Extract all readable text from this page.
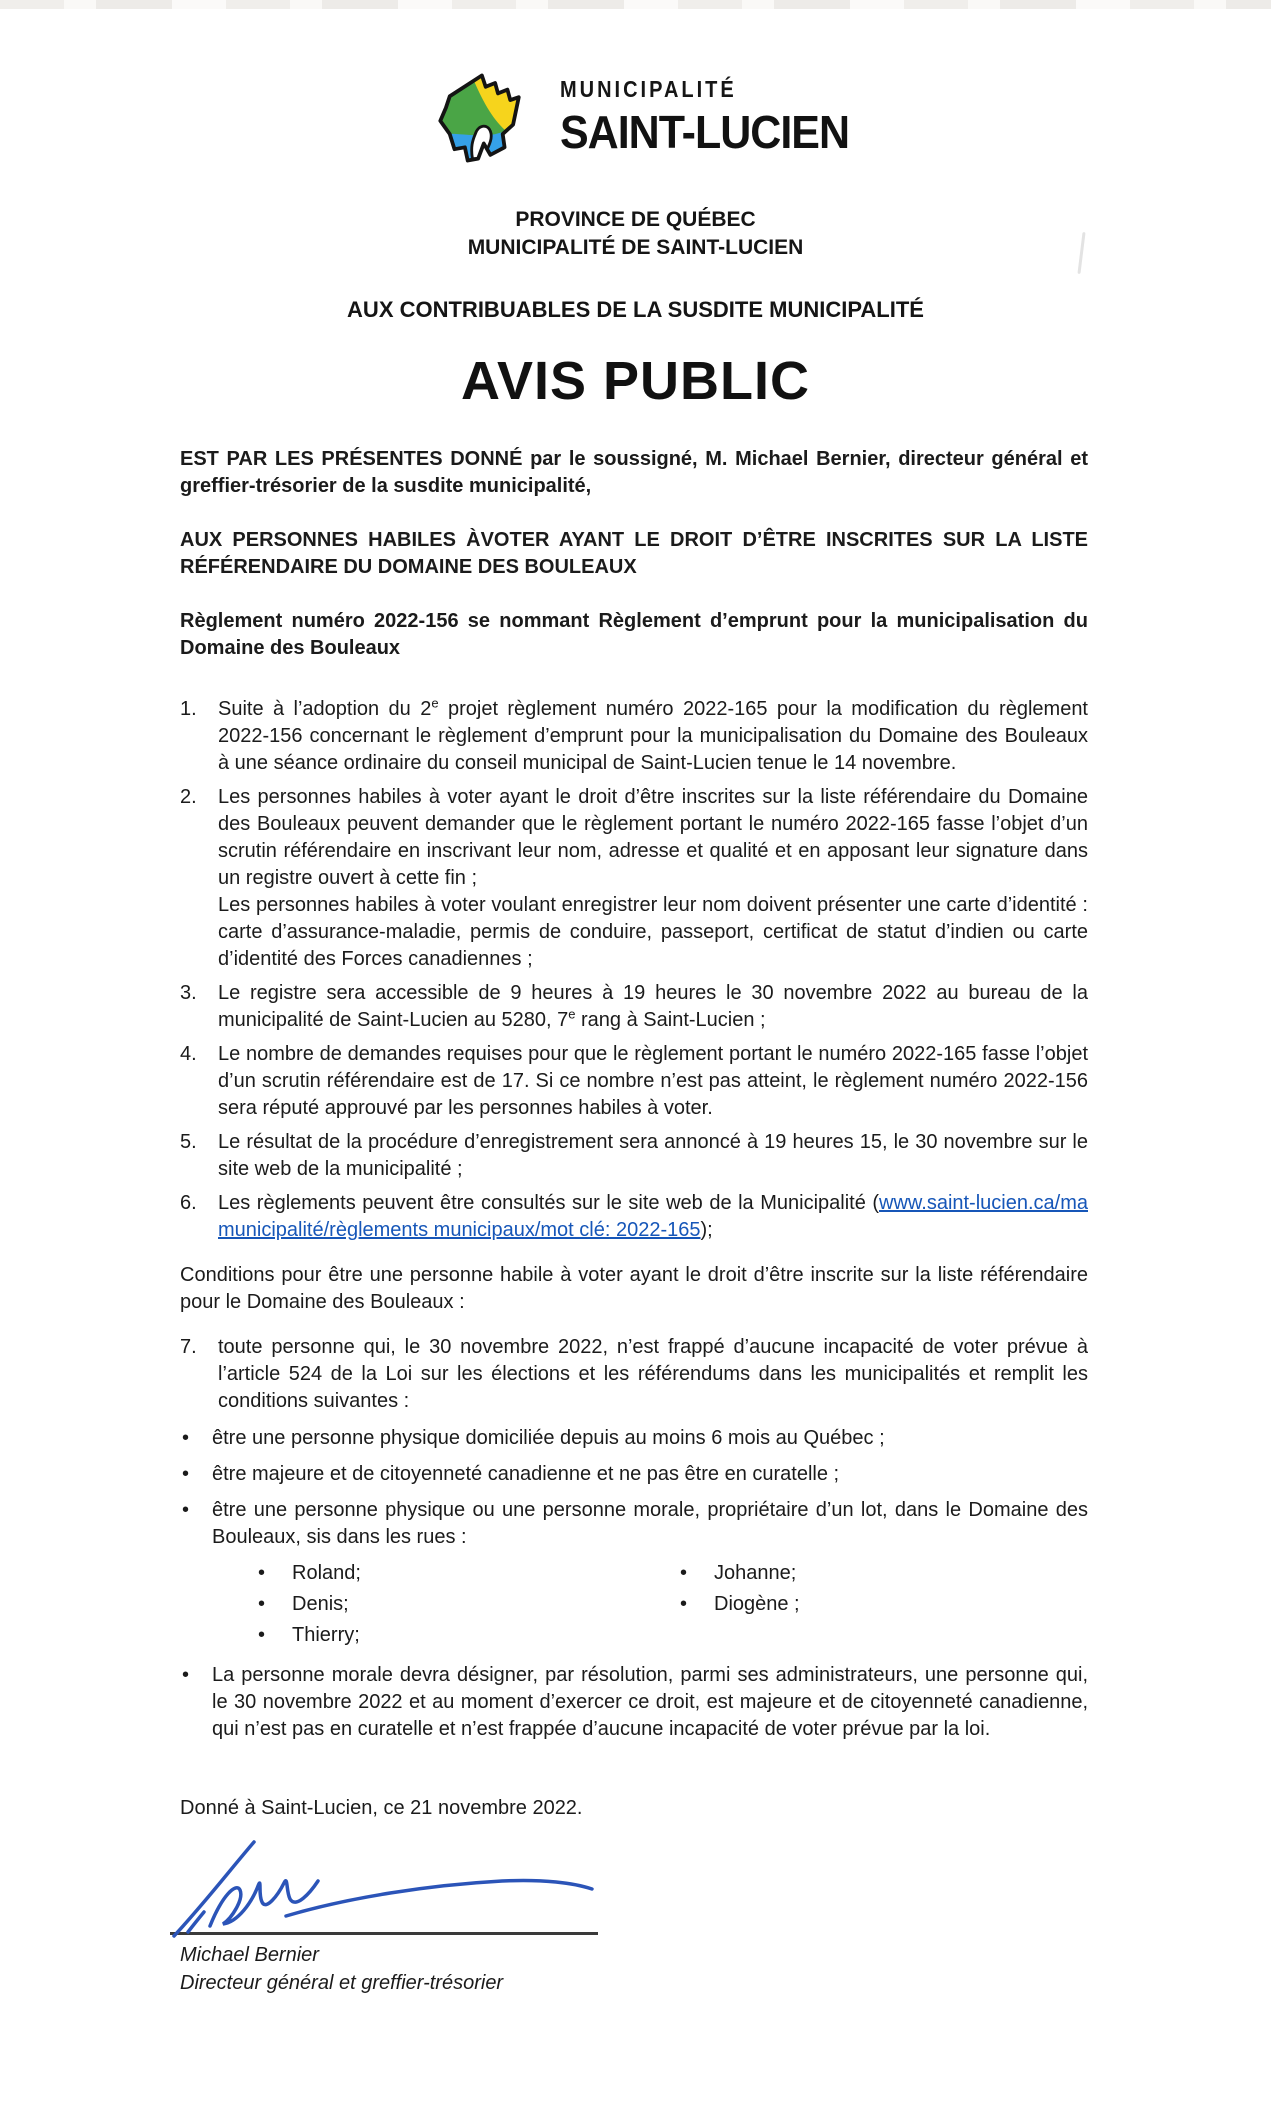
MUNICIPALITÉ
SAINT-LUCIEN
PROVINCE DE QUÉBEC
MUNICIPALITÉ DE SAINT-LUCIEN
AUX CONTRIBUABLES DE LA SUSDITE MUNICIPALITÉ
AVIS PUBLIC

EST PAR LES PRÉSENTES DONNÉ par le soussigné, M. Michael Bernier, directeur général et greffier-trésorier de la susdite municipalité,

AUX PERSONNES HABILES ÀVOTER AYANT LE DROIT D’ÊTRE INSCRITES SUR LA LISTE RÉFÉRENDAIRE DU DOMAINE DES BOULEAUX

Règlement numéro 2022-156 se nommant Règlement d’emprunt pour la municipalisation du Domaine des Bouleaux

1.	Suite à l’adoption du 2e projet règlement numéro 2022-165 pour la modification du règlement 2022-156 concernant le règlement d’emprunt pour la municipalisation du Domaine des Bouleaux à une séance ordinaire du conseil municipal de Saint-Lucien tenue le 14 novembre.
2.	Les personnes habiles à voter ayant le droit d’être inscrites sur la liste référendaire du Domaine des Bouleaux peuvent demander que le règlement portant le numéro 2022-165 fasse l’objet d’un scrutin référendaire en inscrivant leur nom, adresse et qualité et en apposant leur signature dans un registre ouvert à cette fin ;
Les personnes habiles à voter voulant enregistrer leur nom doivent présenter une carte d’identité : carte d’assurance-maladie, permis de conduire, passeport, certificat de statut d’indien ou carte d’identité des Forces canadiennes ;
3.	Le registre sera accessible de 9 heures à 19 heures le 30 novembre 2022 au bureau de la municipalité de Saint-Lucien au 5280, 7e rang à Saint-Lucien ;
4.	Le nombre de demandes requises pour que le règlement portant le numéro 2022-165 fasse l’objet d’un scrutin référendaire est de 17. Si ce nombre n’est pas atteint, le règlement numéro 2022-156 sera réputé approuvé par les personnes habiles à voter.
5.	Le résultat de la procédure d’enregistrement sera annoncé à 19 heures 15, le 30 novembre sur le site web de la municipalité ;
6.	Les règlements peuvent être consultés sur le site web de la Municipalité (www.saint-lucien.ca/ma municipalité/règlements municipaux/mot clé: 2022-165);

Conditions pour être une personne habile à voter ayant le droit d’être inscrite sur la liste référendaire pour le Domaine des Bouleaux :

7.	toute personne qui, le 30 novembre 2022, n’est frappé d’aucune incapacité de voter prévue à l’article 524 de la Loi sur les élections et les référendums dans les municipalités et remplit les conditions suivantes :
•	être une personne physique domiciliée depuis au moins 6 mois au Québec ;
•	être majeure et de citoyenneté canadienne et ne pas être en curatelle ;
•	être une personne physique ou une personne morale, propriétaire d’un lot, dans le Domaine des Bouleaux, sis dans les rues :
•	Roland;
•	Denis;
•	Thierry;
•	Johanne;
•	Diogène ;
•	La personne morale devra désigner, par résolution, parmi ses administrateurs, une personne qui, le 30 novembre 2022 et au moment d’exercer ce droit, est majeure et de citoyenneté canadienne, qui n’est pas en curatelle et n’est frappée d’aucune incapacité de voter prévue par la loi.

Donné à Saint-Lucien, ce 21 novembre 2022.

Michael Bernier
Directeur général et greffier-trésorier
